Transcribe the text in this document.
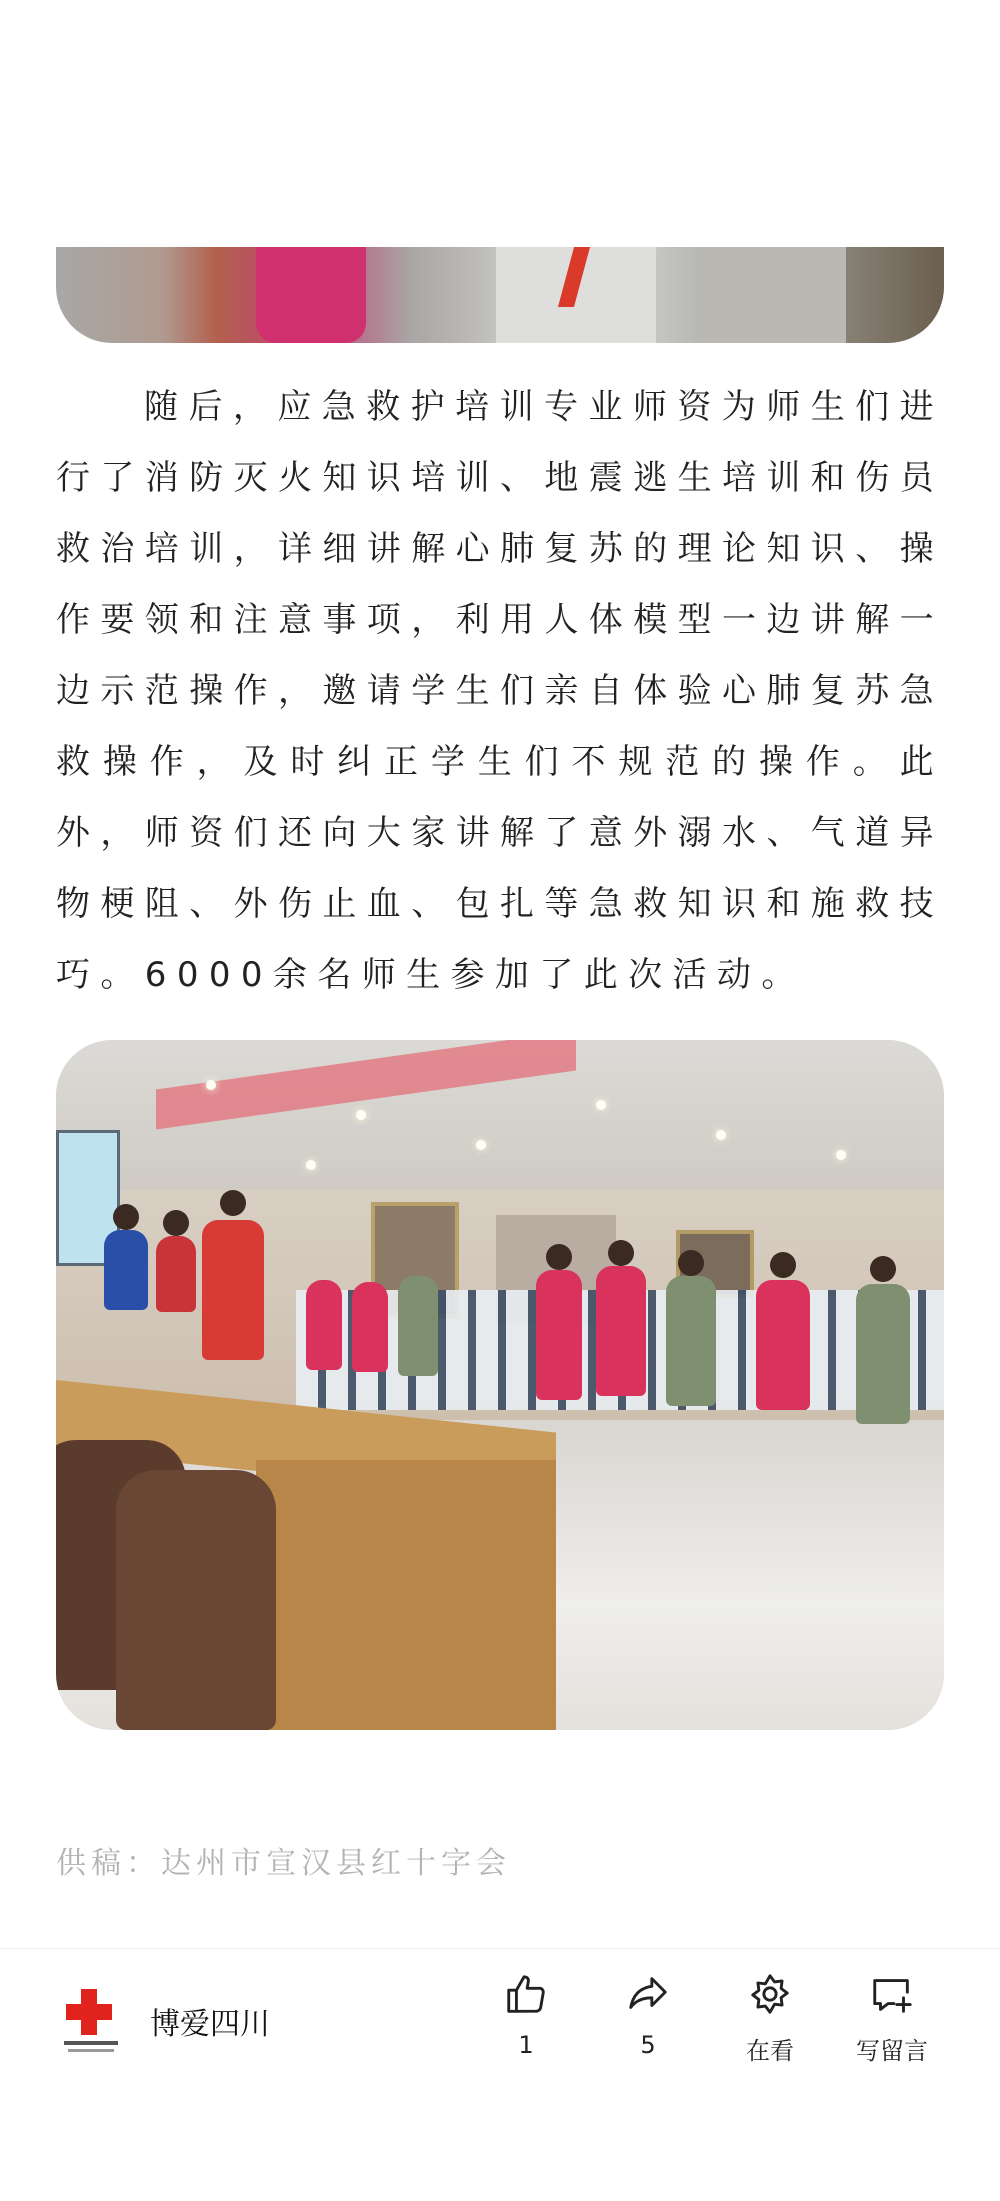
随后，应急救护培训专业师资为师生们进行了消防灭火知识培训、地震逃生培训和伤员救治培训，详细讲解心肺复苏的理论知识、操作要领和注意事项，利用人体模型一边讲解一边示范操作，邀请学生们亲自体验心肺复苏急救操作，及时纠正学生们不规范的操作。此外，师资们还向大家讲解了意外溺水、气道异物梗阻、外伤止血、包扎等急救知识和施救技巧。6000余名师生参加了此次活动。

供稿：达州市宣汉县红十字会

博爱四川
1	5	在看	写留言
